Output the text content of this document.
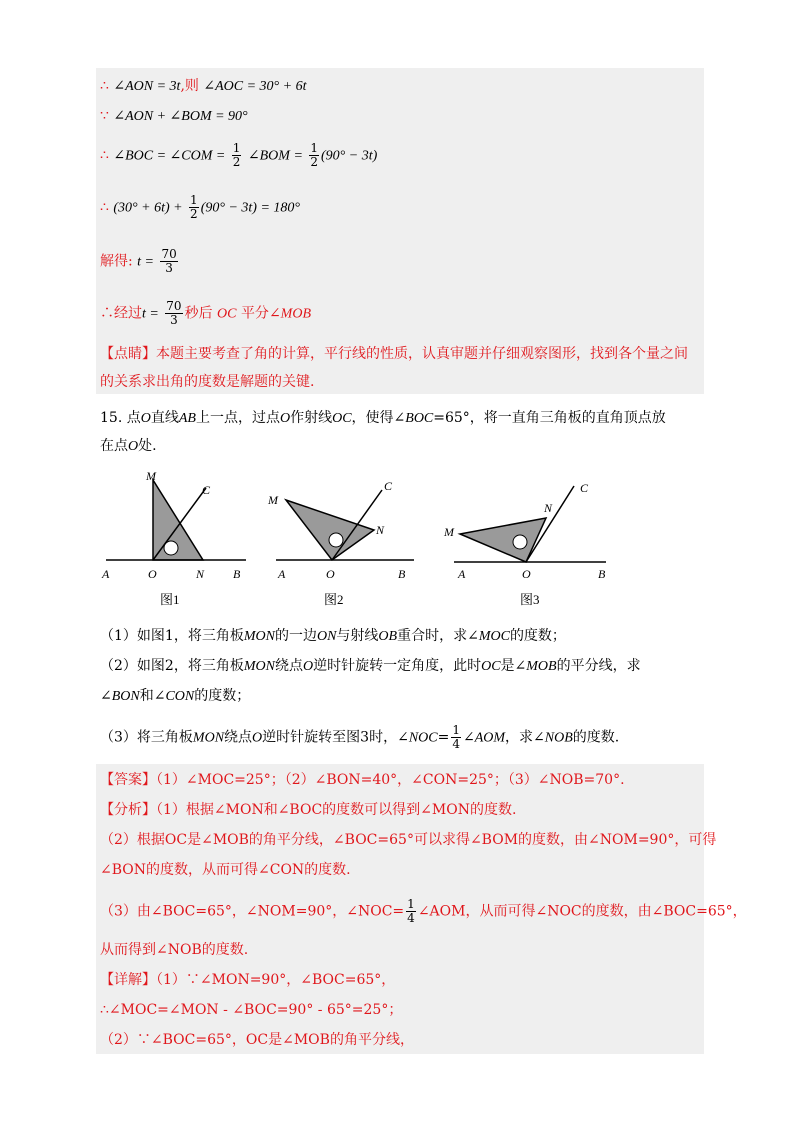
∴ ∠AON = 3t,则 ∠AOC = 30° + 6t
∵ ∠AON + ∠BOM = 90°
∴ ∠BOC = ∠COM = $\frac{1}{2}$ ∠BOM = $\frac{1}{2} (90^\circ - 3t)$
∴ $(30^\circ + 6t) + \frac{1}{2} (90^\circ - 3t) = 180^\circ$
解得: $t = \frac{70}{3}$
∴经过$t = \frac{70}{3}$ 秒后 OC 平分∠MOB
【点睛】本题主要考查了角的计算，平行线的性质，认真审题并仔细观察图形，找到各个量之间
的关系求出角的度数是解题的关键.
15. 点O直线AB上一点，过点O作射线OC，使得∠BOC=65°，将一直角三角板的直角顶点放
在点O处.
M
C
A	O	N B
图1
M
C
N
A	O	B
图2
M
N
C
A	O	B
图3
（1）如图1，将三角板MON的一边ON与射线OB重合时，求∠MOC的度数；
（2）如图2，将三角板MON绕点O逆时针旋转一定角度，此时OC是∠MOB的平分线，求
∠BON和∠CON的度数；
（3）将三角板MON绕点O逆时针旋转至图3时，∠NOC= $\frac{1}{4}$ ∠AOM，求∠NOB的度数.
【答案】（1）∠MOC=25°；（2）∠BON=40°，∠CON=25°；（3）∠NOB=70°.
【分析】（1）根据∠MON和∠BOC的度数可以得到∠MON的度数.
（2）根据OC是∠MOB的角平分线，∠BOC=65°可以求得∠BOM的度数，由∠NOM=90°，可得
∠BON的度数，从而可得∠CON的度数.
（3）由∠BOC=65°，∠NOM=90°，∠NOC= $\frac{1}{4}$ ∠AOM，从而可得∠NOC的度数，由∠BOC=65°，
从而得到∠NOB的度数.
【详解】（1）∵∠MON=90°，∠BOC=65°，
∴∠MOC=∠MON - ∠BOC=90° - 65°=25°；
（2）∵∠BOC=65°，OC是∠MOB的角平分线，
